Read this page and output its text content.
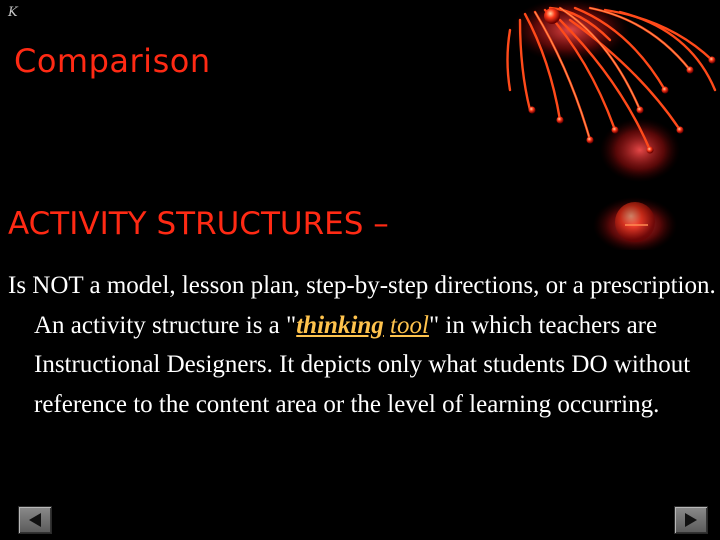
K
Comparison
ACTIVITY STRUCTURES –

Is NOT a model, lesson plan, step-by-step directions, or a prescription. An activity structure is a "thinking tool" in which teachers are Instructional Designers. It depicts only what students DO without reference to the content area or the level of learning occurring.
